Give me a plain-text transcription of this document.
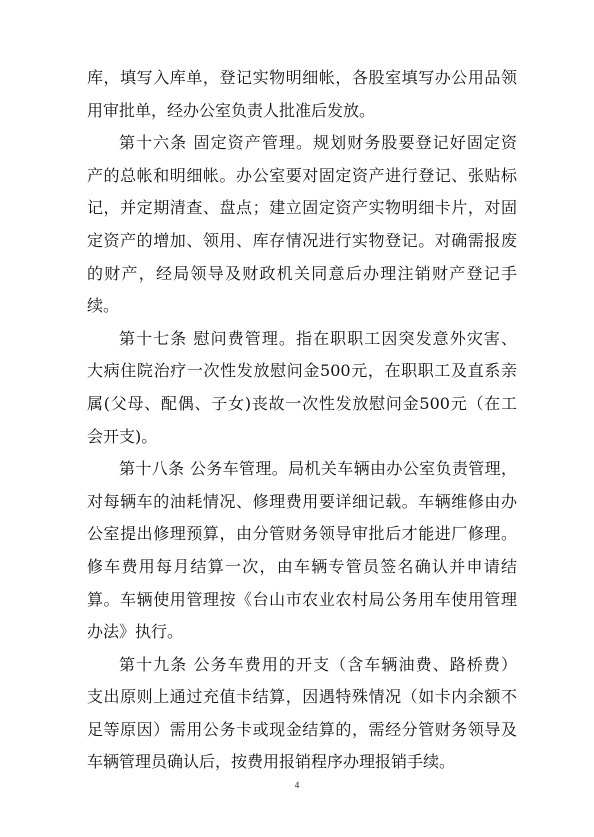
库，填写入库单，登记实物明细帐，各股室填写办公用品领
用审批单，经办公室负责人批准后发放。
第十六条 固定资产管理。规划财务股要登记好固定资
产的总帐和明细帐。办公室要对固定资产进行登记、张贴标
记，并定期清查、盘点；建立固定资产实物明细卡片，对固
定资产的增加、领用、库存情况进行实物登记。对确需报废
的财产，经局领导及财政机关同意后办理注销财产登记手
续。
第十七条 慰问费管理。指在职职工因突发意外灾害、
大病住院治疗一次性发放慰问金500元，在职职工及直系亲
属(父母、配偶、子女)丧故一次性发放慰问金500元（在工
会开支)。
第十八条 公务车管理。局机关车辆由办公室负责管理，
对每辆车的油耗情况、修理费用要详细记载。车辆维修由办
公室提出修理预算，由分管财务领导审批后才能进厂修理。
修车费用每月结算一次，由车辆专管员签名确认并申请结
算。车辆使用管理按《台山市农业农村局公务用车使用管理
办法》执行。
第十九条 公务车费用的开支（含车辆油费、路桥费）
支出原则上通过充值卡结算，因遇特殊情况（如卡内余额不
足等原因）需用公务卡或现金结算的，需经分管财务领导及
车辆管理员确认后，按费用报销程序办理报销手续。
4
